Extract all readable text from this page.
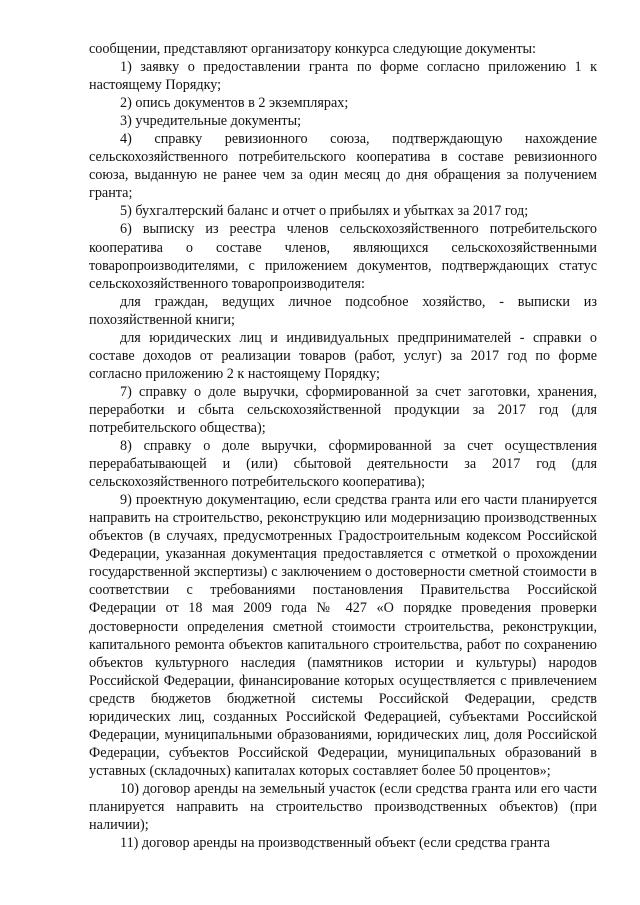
сообщении, представляют организатору конкурса следующие документы:

1) заявку о предоставлении гранта по форме согласно приложению 1 к настоящему Порядку;

2) опись документов в 2 экземплярах;

3) учредительные документы;

4) справку ревизионного союза, подтверждающую нахождение сельскохозяйственного потребительского кооператива в составе ревизионного союза, выданную не ранее чем за один месяц до дня обращения за получением гранта;

5) бухгалтерский баланс и отчет о прибылях и убытках за 2017 год;

6) выписку из реестра членов сельскохозяйственного потребительского кооператива о составе членов, являющихся сельскохозяйственными товаропроизводителями, с приложением документов, подтверждающих статус сельскохозяйственного товаропроизводителя:

для граждан, ведущих личное подсобное хозяйство, - выписки из похозяйственной книги;

для юридических лиц и индивидуальных предпринимателей - справки о составе доходов от реализации товаров (работ, услуг) за 2017 год по форме согласно приложению 2 к настоящему Порядку;

7) справку о доле выручки, сформированной за счет заготовки, хранения, переработки и сбыта сельскохозяйственной продукции за 2017 год (для потребительского общества);

8) справку о доле выручки, сформированной за счет осуществления перерабатывающей и (или) сбытовой деятельности за 2017 год (для сельскохозяйственного потребительского кооператива);

9) проектную документацию, если средства гранта или его части планируется направить на строительство, реконструкцию или модернизацию производственных объектов (в случаях, предусмотренных Градостроительным кодексом Российской Федерации, указанная документация предоставляется с отметкой о прохождении государственной экспертизы) с заключением о достоверности сметной стоимости в соответствии с требованиями постановления Правительства Российской Федерации от 18 мая 2009 года № 427 «О порядке проведения проверки достоверности определения сметной стоимости строительства, реконструкции, капитального ремонта объектов капитального строительства, работ по сохранению объектов культурного наследия (памятников истории и культуры) народов Российской Федерации, финансирование которых осуществляется с привлечением средств бюджетов бюджетной системы Российской Федерации, средств юридических лиц, созданных Российской Федерацией, субъектами Российской Федерации, муниципальными образованиями, юридических лиц, доля Российской Федерации, субъектов Российской Федерации, муниципальных образований в уставных (складочных) капиталах которых составляет более 50 процентов»;

10) договор аренды на земельный участок (если средства гранта или его части планируется направить на строительство производственных объектов) (при наличии);

11) договор аренды на производственный объект (если средства гранта
